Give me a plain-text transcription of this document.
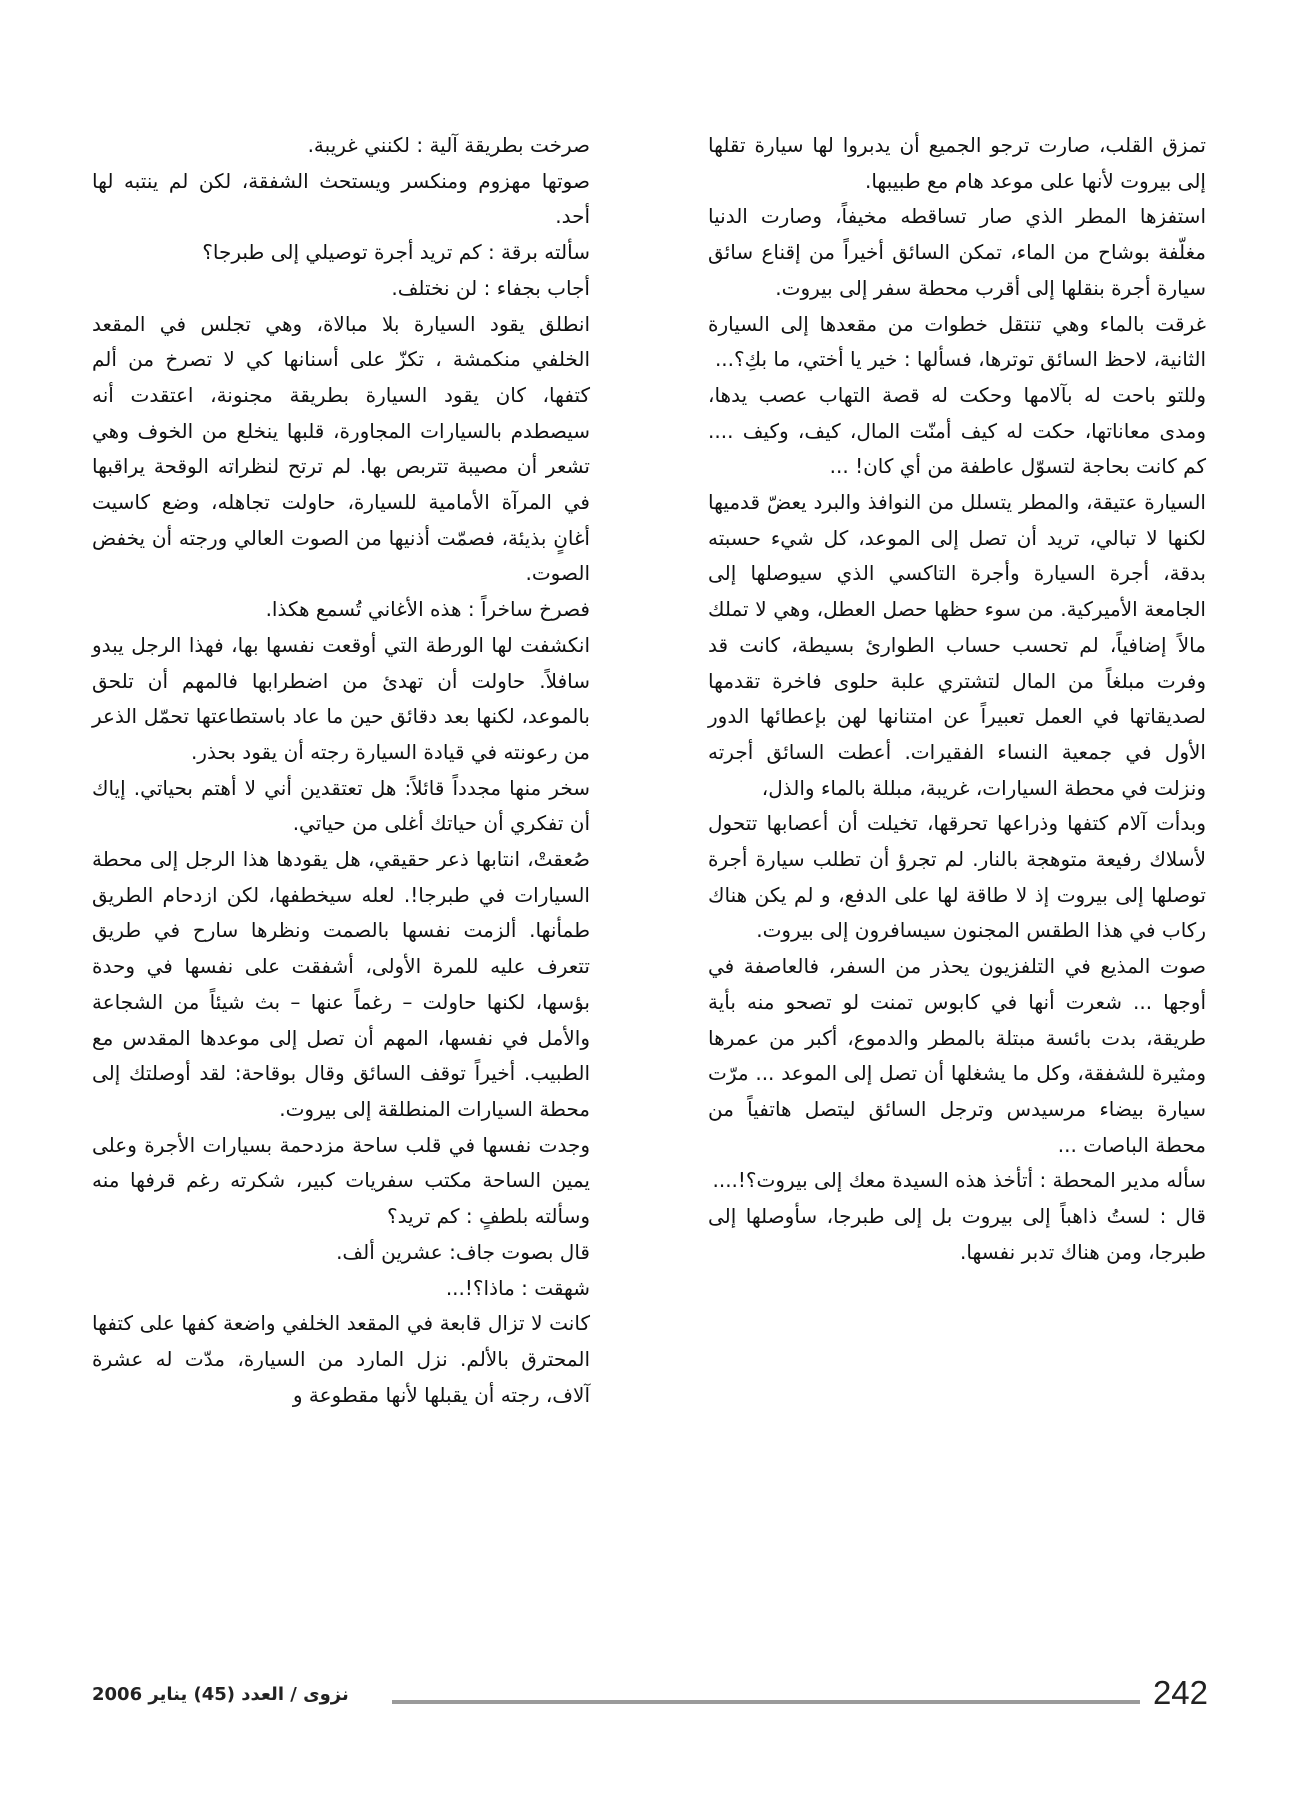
تمزق القلب، صارت ترجو الجميع أن يدبروا لها سيارة تقلها إلى بيروت لأنها على موعد هام مع طبيبها.

استفزها المطر الذي صار تساقطه مخيفاً، وصارت الدنيا مغلّفة بوشاح من الماء، تمكن السائق أخيراً من إقناع سائق سيارة أجرة بنقلها إلى أقرب محطة سفر إلى بيروت.

غرقت بالماء وهي تنتقل خطوات من مقعدها إلى السيارة الثانية، لاحظ السائق توترها، فسألها : خير يا أختي، ما بكِ؟...

وللتو باحت له بآلامها وحكت له قصة التهاب عصب يدها، ومدى معاناتها، حكت له كيف أمنّت المال، كيف، وكيف .... كم كانت بحاجة لتسوّل عاطفة من أي كان! ...

السيارة عتيقة، والمطر يتسلل من النوافذ والبرد يعضّ قدميها لكنها لا تبالي، تريد أن تصل إلى الموعد، كل شيء حسبته بدقة، أجرة السيارة وأجرة التاكسي الذي سيوصلها إلى الجامعة الأميركية. من سوء حظها حصل العطل، وهي لا تملك مالاً إضافياً، لم تحسب حساب الطوارئ بسيطة، كانت قد وفرت مبلغاً من المال لتشتري علبة حلوى فاخرة تقدمها لصديقاتها في العمل تعبيراً عن امتنانها لهن بإعطائها الدور الأول في جمعية النساء الفقيرات. أعطت السائق أجرته ونزلت في محطة السيارات، غريبة، مبللة بالماء والذل،

وبدأت آلام كتفها وذراعها تحرقها، تخيلت أن أعصابها تتحول لأسلاك رفيعة متوهجة بالنار. لم تجرؤ أن تطلب سيارة أجرة توصلها إلى بيروت إذ لا طاقة لها على الدفع، و لم يكن هناك ركاب في هذا الطقس المجنون سيسافرون إلى بيروت.

صوت المذيع في التلفزيون يحذر من السفر، فالعاصفة في أوجها ... شعرت أنها في كابوس تمنت لو تصحو منه بأية طريقة، بدت بائسة مبتلة بالمطر والدموع، أكبر من عمرها ومثيرة للشفقة، وكل ما يشغلها أن تصل إلى الموعد ... مرّت سيارة بيضاء مرسيدس وترجل السائق ليتصل هاتفياً من محطة الباصات ...

سأله مدير المحطة : أتأخذ هذه السيدة معك إلى بيروت؟!....

قال : لستُ ذاهباً إلى بيروت بل إلى طبرجا، سأوصلها إلى طبرجا، ومن هناك تدبر نفسها.

صرخت بطريقة آلية : لكنني غريبة.

صوتها مهزوم ومنكسر ويستحث الشفقة، لكن لم ينتبه لها أحد.

سألته برقة : كم تريد أجرة توصيلي إلى طبرجا؟

أجاب بجفاء : لن نختلف.

انطلق يقود السيارة بلا مبالاة، وهي تجلس في المقعد الخلفي منكمشة ، تكزّ على أسنانها كي لا تصرخ من ألم كتفها، كان يقود السيارة بطريقة مجنونة، اعتقدت أنه سيصطدم بالسيارات المجاورة، قلبها ينخلع من الخوف وهي تشعر أن مصيبة تتربص بها. لم ترتح لنظراته الوقحة يراقبها في المرآة الأمامية للسيارة، حاولت تجاهله، وضع كاسيت أغانٍ بذيئة، فصمّت أذنيها من الصوت العالي ورجته أن يخفض الصوت.

فصرخ ساخراً : هذه الأغاني تُسمع هكذا.

انكشفت لها الورطة التي أوقعت نفسها بها، فهذا الرجل يبدو سافلاً. حاولت أن تهدئ من اضطرابها فالمهم أن تلحق بالموعد، لكنها بعد دقائق حين ما عاد باستطاعتها تحمّل الذعر من رعونته في قيادة السيارة رجته أن يقود بحذر.

سخر منها مجدداً قائلاً: هل تعتقدين أني لا أهتم بحياتي. إياك أن تفكري أن حياتك أغلى من حياتي.

صُعقتْ، انتابها ذعر حقيقي، هل يقودها هذا الرجل إلى محطة السيارات في طبرجا!. لعله سيخطفها، لكن ازدحام الطريق طمأنها. ألزمت نفسها بالصمت ونظرها سارح في طريق تتعرف عليه للمرة الأولى، أشفقت على نفسها في وحدة بؤسها، لكنها حاولت – رغماً عنها – بث شيئاً من الشجاعة والأمل في نفسها، المهم أن تصل إلى موعدها المقدس مع الطبيب. أخيراً توقف السائق وقال بوقاحة: لقد أوصلتك إلى محطة السيارات المنطلقة إلى بيروت.

وجدت نفسها في قلب ساحة مزدحمة بسيارات الأجرة وعلى يمين الساحة مكتب سفريات كبير، شكرته رغم قرفها منه وسألته بلطفٍ : كم تريد؟

قال بصوت جاف: عشرين ألف.

شهقت : ماذا؟!...

كانت لا تزال قابعة في المقعد الخلفي واضعة كفها على كتفها المحترق بالألم. نزل المارد من السيارة، مدّت له عشرة آلاف، رجته أن يقبلها لأنها مقطوعة و

نزوى / العدد (45) يناير 2006	242
